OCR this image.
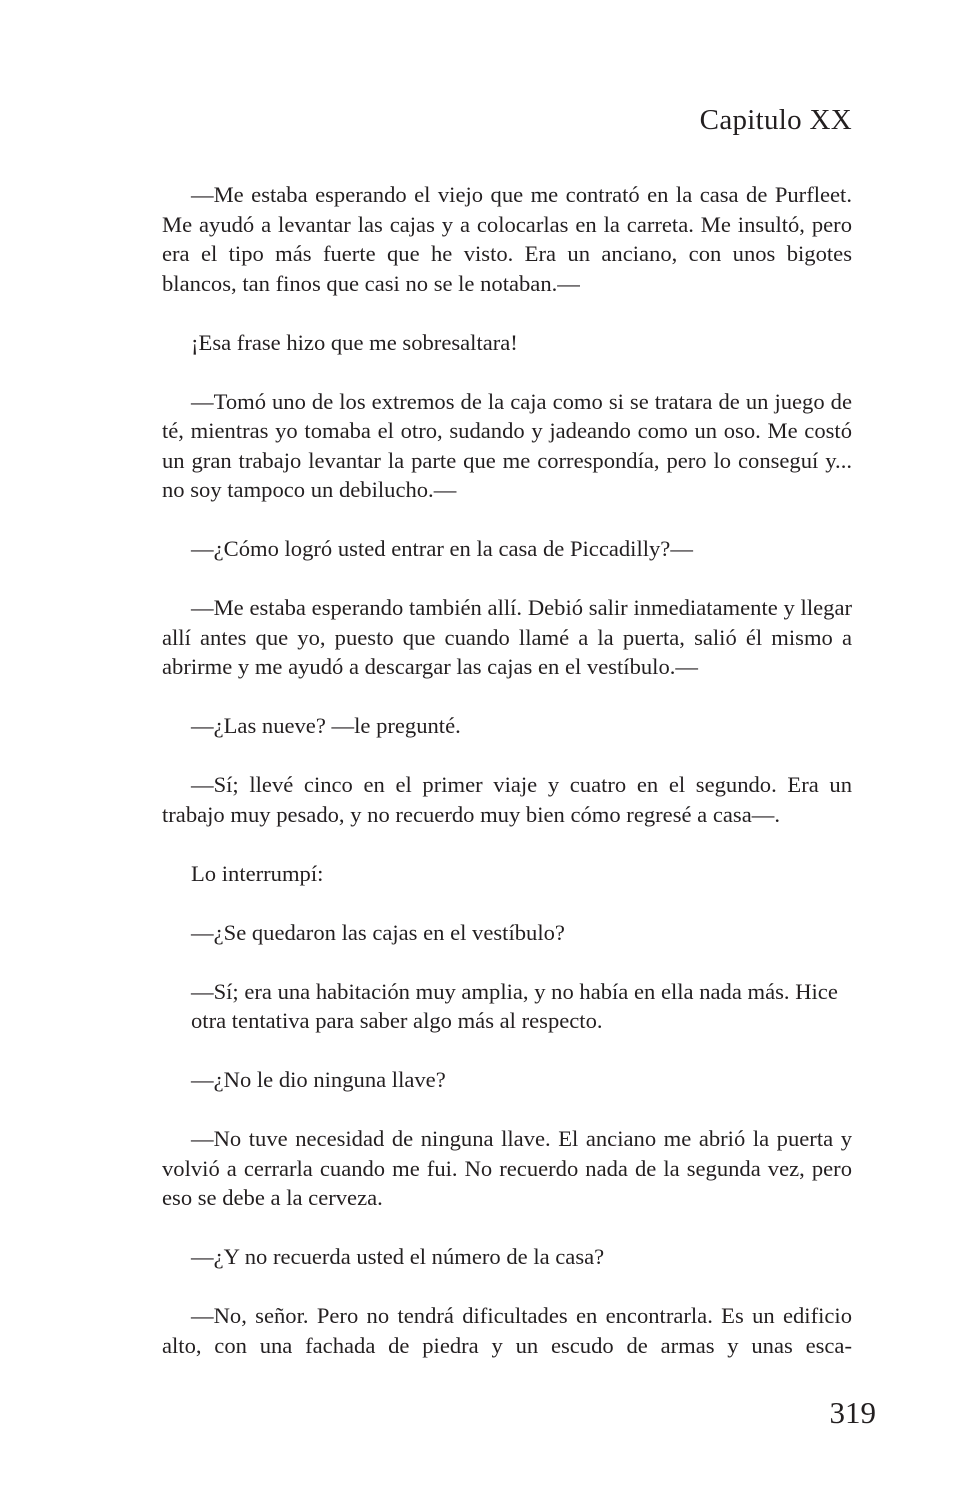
Capitulo XX

—Me estaba esperando el viejo que me contrató en la casa de Purfleet. Me ayudó a levantar las cajas y a colocarlas en la carreta. Me insultó, pero era el tipo más fuerte que he visto. Era un anciano, con unos bigotes blancos, tan finos que casi no se le notaban.—

¡Esa frase hizo que me sobresaltara!

—Tomó uno de los extremos de la caja como si se tratara de un juego de té, mientras yo tomaba el otro, sudando y jadeando como un oso. Me costó un gran trabajo levantar la parte que me correspondía, pero lo conseguí y... no soy tampoco un debilucho.—

—¿Cómo logró usted entrar en la casa de Piccadilly?—

—Me estaba esperando también allí. Debió salir inmediatamente y llegar allí antes que yo, puesto que cuando llamé a la puerta, salió él mismo a abrirme y me ayudó a descargar las cajas en el vestíbulo.—

—¿Las nueve? —le pregunté.

—Sí; llevé cinco en el primer viaje y cuatro en el segundo. Era un trabajo muy pesado, y no recuerdo muy bien cómo regresé a casa—.

Lo interrumpí:

—¿Se quedaron las cajas en el vestíbulo?

—Sí; era una habitación muy amplia, y no había en ella nada más. Hice otra tentativa para saber algo más al respecto.

—¿No le dio ninguna llave?

—No tuve necesidad de ninguna llave. El anciano me abrió la puerta y volvió a cerrarla cuando me fui. No recuerdo nada de la segunda vez, pero eso se debe a la cerveza.

—¿Y no recuerda usted el número de la casa?

—No, señor. Pero no tendrá dificultades en encontrarla. Es un edificio alto, con una fachada de piedra y un escudo de armas y unas esca-

319
